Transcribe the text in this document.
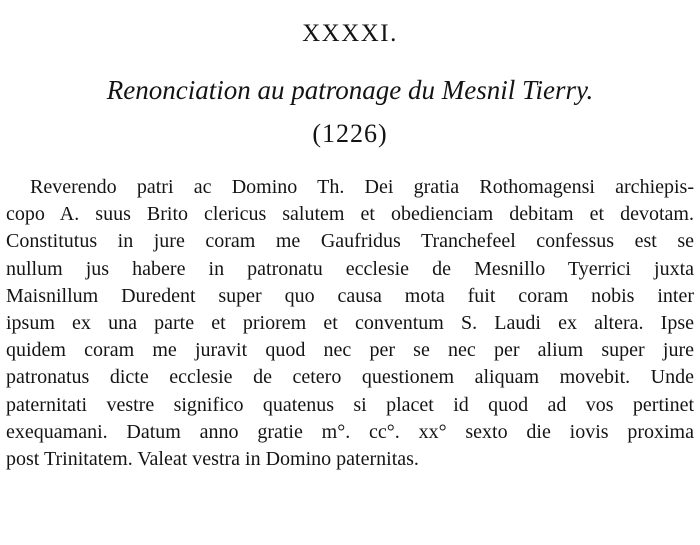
XXXXI.
Renonciation au patronage du Mesnil Tierry.
(1226)
Reverendo patri ac Domino Th. Dei gratia Rothomagensi archiepis-
copo A. suus Brito clericus salutem et obedienciam debitam et devotam.
Constitutus in jure coram me Gaufridus Tranchefeel confessus est se
nullum jus habere in patronatu ecclesie de Mesnillo Tyerrici juxta
Maisnillum Duredent super quo causa mota fuit coram nobis inter
ipsum ex una parte et priorem et conventum S. Laudi ex altera. Ipse
quidem coram me juravit quod nec per se nec per alium super jure
patronatus dicte ecclesie de cetero questionem aliquam movebit. Unde
paternitati vestre significo quatenus si placet id quod ad vos pertinet
exequamani. Datum anno gratie m°. cc°. xx° sexto die iovis proxima
post Trinitatem. Valeat vestra in Domino paternitas.
